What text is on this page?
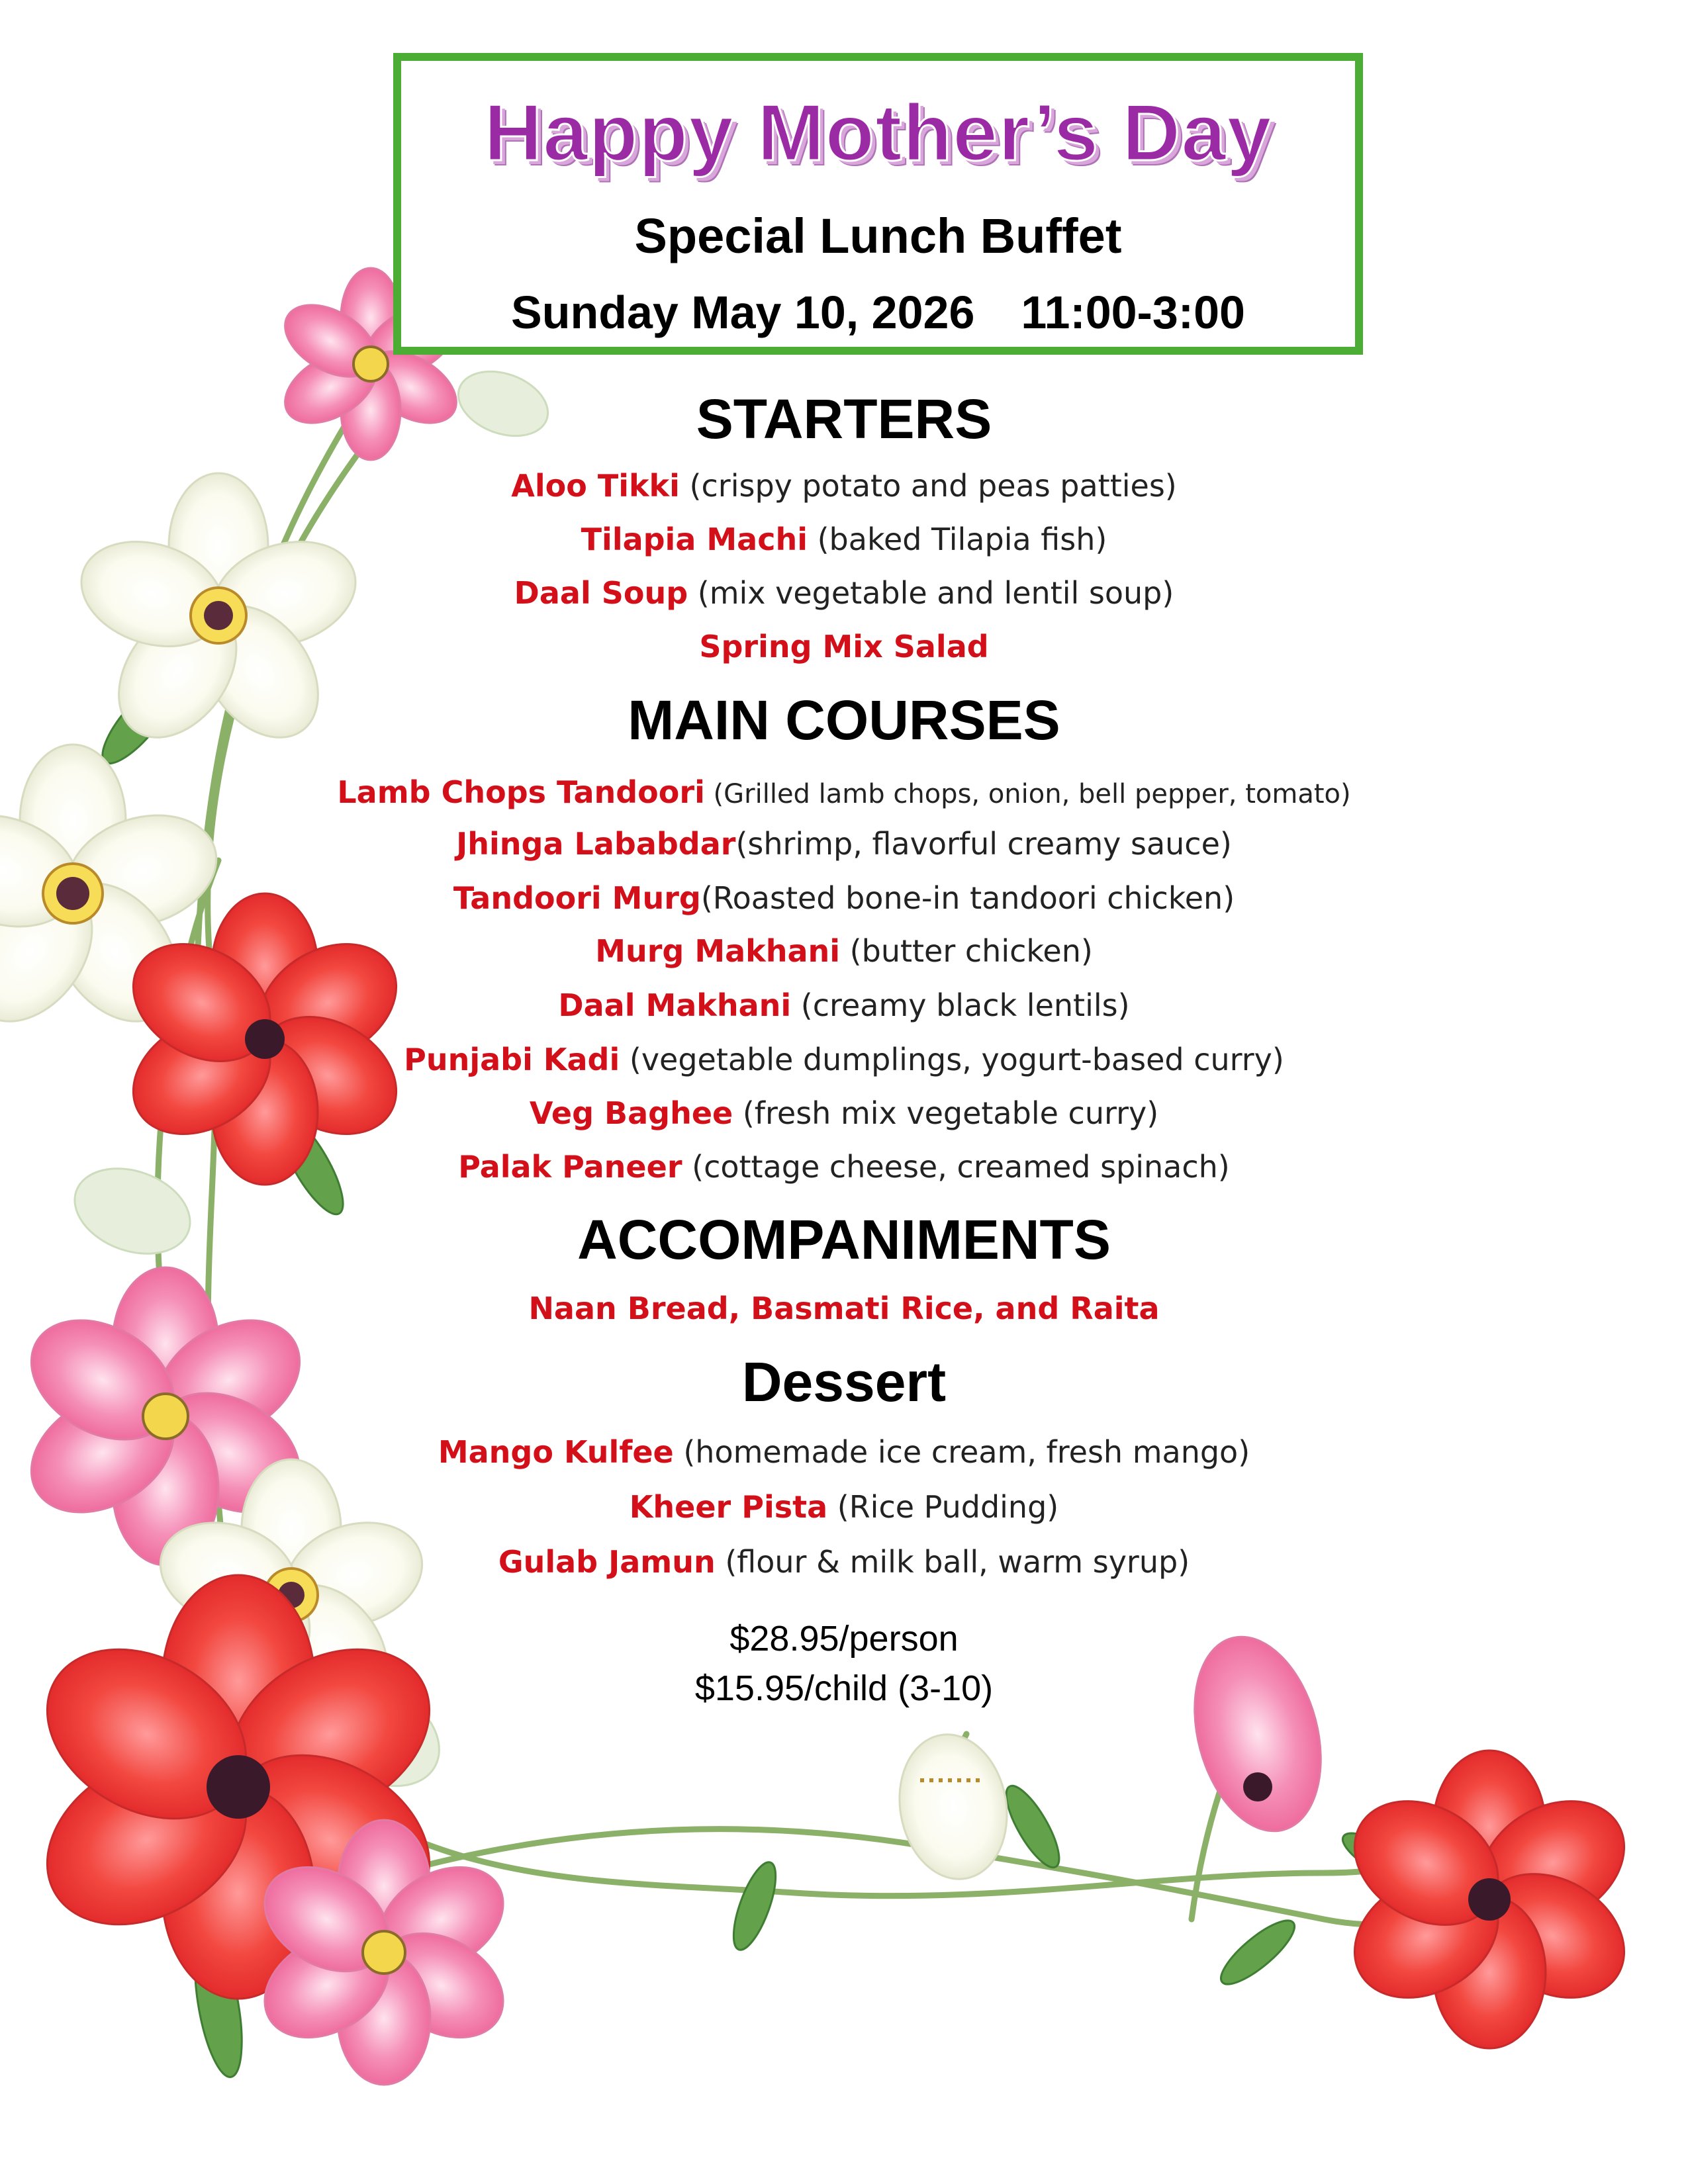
Happy Mother’s Day
Special Lunch Buffet
Sunday May 10, 2026 11:00-3:00
STARTERS
Aloo Tikki (crispy potato and peas patties)
Tilapia Machi (baked Tilapia fish)
Daal Soup (mix vegetable and lentil soup)
Spring Mix Salad
MAIN COURSES
Lamb Chops Tandoori (Grilled lamb chops, onion, bell pepper, tomato)
Jhinga Lababdar(shrimp, flavorful creamy sauce)
Tandoori Murg(Roasted bone-in tandoori chicken)
Murg Makhani (butter chicken)
Daal Makhani (creamy black lentils)
Punjabi Kadi (vegetable dumplings, yogurt-based curry)
Veg Baghee (fresh mix vegetable curry)
Palak Paneer (cottage cheese, creamed spinach)
ACCOMPANIMENTS
Naan Bread, Basmati Rice, and Raita
Dessert
Mango Kulfee (homemade ice cream, fresh mango)
Kheer Pista (Rice Pudding)
Gulab Jamun (flour & milk ball, warm syrup)
$28.95/person
$15.95/child (3-10)
